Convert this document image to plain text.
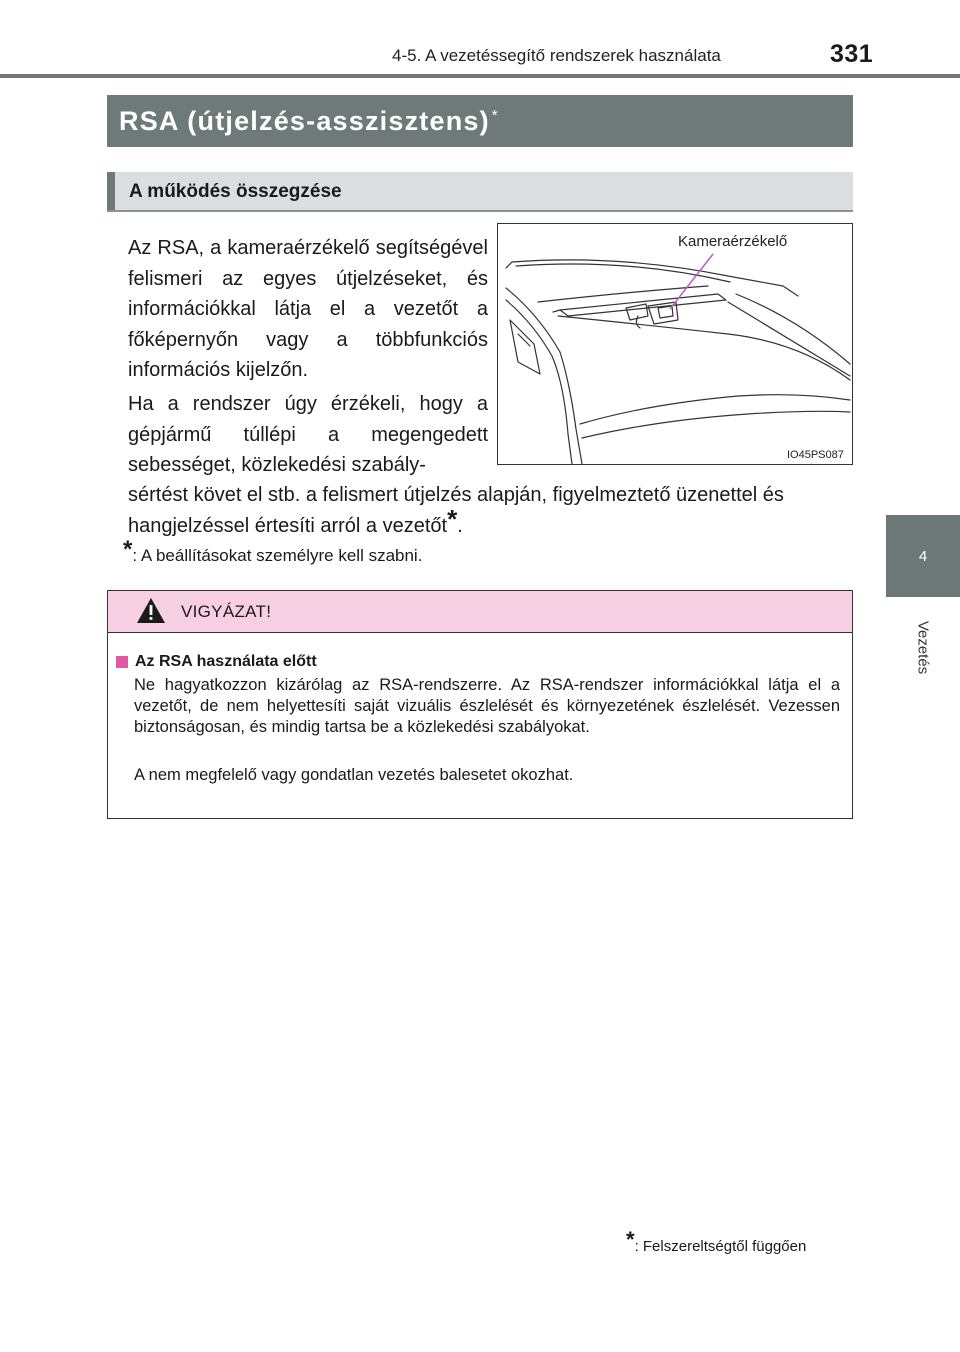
4-5. A vezetéssegítő rendszerek használata	331
4
Vezetés
RSA (útjelzés-asszisztens) *
A működés összegzése
Az RSA, a kameraérzékelő segítségével felismeri az egyes útjelzéseket, és információkkal látja el a vezetőt a főképernyőn vagy a többfunkciós információs kijelzőn.
Ha a rendszer úgy érzékeli, hogy a gépjármű túllépi a megengedett sebességet, közlekedési szabály-
sértést követ el stb. a felismert útjelzés alapján, figyelmeztető üzenettel és hangjelzéssel értesíti arról a vezetőt*.
*: A beállításokat személyre kell szabni.
Kameraérzékelő
IO45PS087
VIGYÁZAT!
Az RSA használata előtt
Ne hagyatkozzon kizárólag az RSA-rendszerre. Az RSA-rendszer információkkal látja el a vezetőt, de nem helyettesíti saját vizuális észlelését és környezetének észlelését. Vezessen biztonságosan, és mindig tartsa be a közlekedési szabályokat.
A nem megfelelő vagy gondatlan vezetés balesetet okozhat.
*: Felszereltségtől függően
